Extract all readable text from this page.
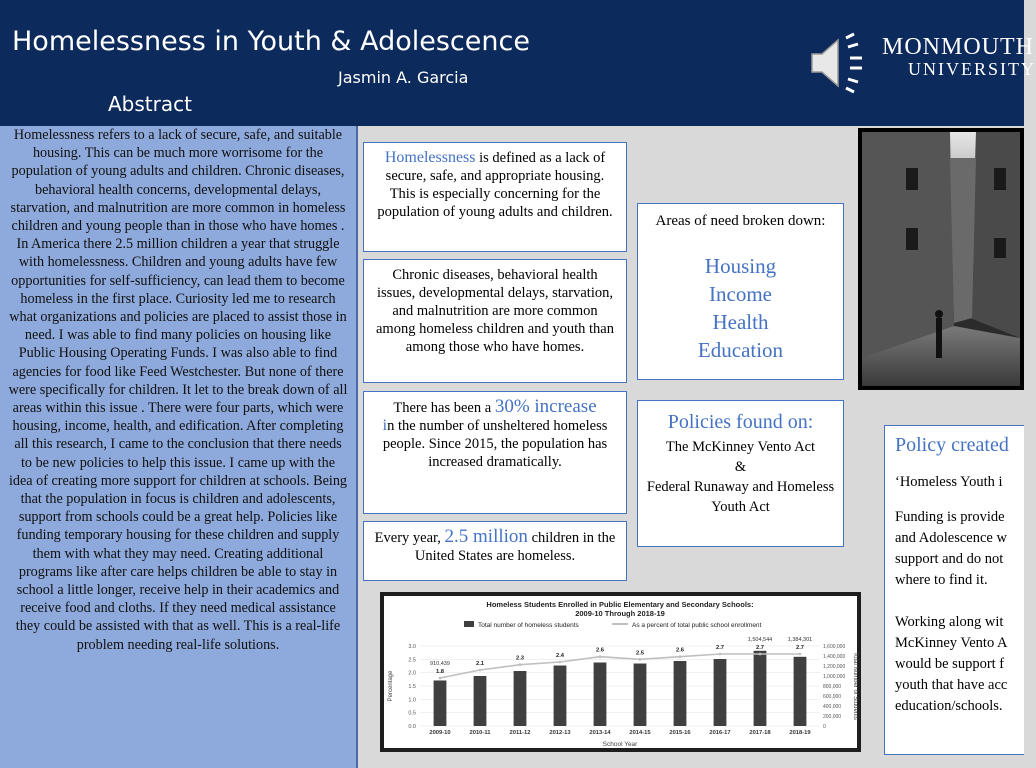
Homelessness in Youth & Adolescence
Jasmin A. Garcia
Abstract
MONMOUTH
UNIVERSITY

Homelessness refers to a lack of secure, safe, and suitable housing. This can be much more worrisome for the population of young adults and children. Chronic diseases, behavioral health concerns, developmental delays, starvation, and malnutrition are more common in homeless children and young people than in those who have homes . In America there 2.5 million children a year that struggle with homelessness. Children and young adults have few opportunities for self-sufficiency, can lead them to become homeless in the first place. Curiosity led me to research what organizations and policies are placed to assist those in need. I was able to find many policies on housing like Public Housing Operating Funds. I was also able to find agencies for food like Feed Westchester. But none of there were specifically for children. It let to the break down of all areas within this issue . There were four parts, which were housing, income, health, and edification. After completing all this research, I came to the conclusion that there needs to be new policies to help this issue. I came up with the idea of creating more support for children at schools. Being that the population in focus is children and adolescents, support from schools could be a great help. Policies like funding temporary housing for these children and supply them with what they may need. Creating additional programs like after care helps children be able to stay in school a little longer, receive help in their academics and receive food and cloths. If they need medical assistance they could be assisted with that as well. This is a real-life problem needing real-life solutions.

Homelessness is defined as a lack of secure, safe, and appropriate housing. This is especially concerning for the population of young adults and children.
Chronic diseases, behavioral health issues, developmental delays, starvation, and malnutrition are more common among homeless children and youth than among those who have homes.
There has been a 30% increase
in the number of unsheltered homeless people. Since 2015, the population has increased dramatically.
Every year, 2.5 million children in the United States are homeless.
Areas of need broken down:
Housing
Income
Health
Education
Policies found on:
The McKinney Vento Act
&
Federal Runaway and Homeless Youth Act
Policy created
‘Homeless Youth i
Funding is provide
and Adolescence w
support and do not
where to find it.
Working along wit
McKinney Vento A
would be support f
youth that have acc
education/schools.
Homeless Students Enrolled in Public Elementary and Secondary Schools:
2009-10 Through 2018-19
Total number of homeless students	As a percent of total public school enrollment
Percentage	Total Number of Students
School Year
3.0
2.5
2.0
1.5
1.0
0.5
0.0
1,600,000
1,400,000
1,200,000
1,000,000
800,000
600,000
400,000
200,000
0
2009-10
1.8
910,439
2010-11
2.1
2011-12
2.3
2012-13
2.4
2013-14
2.6
2014-15
2.5
2015-16
2.6
2016-17
2.7
2017-18
2.7
1,504,544
2018-19
2.7
1,384,301
